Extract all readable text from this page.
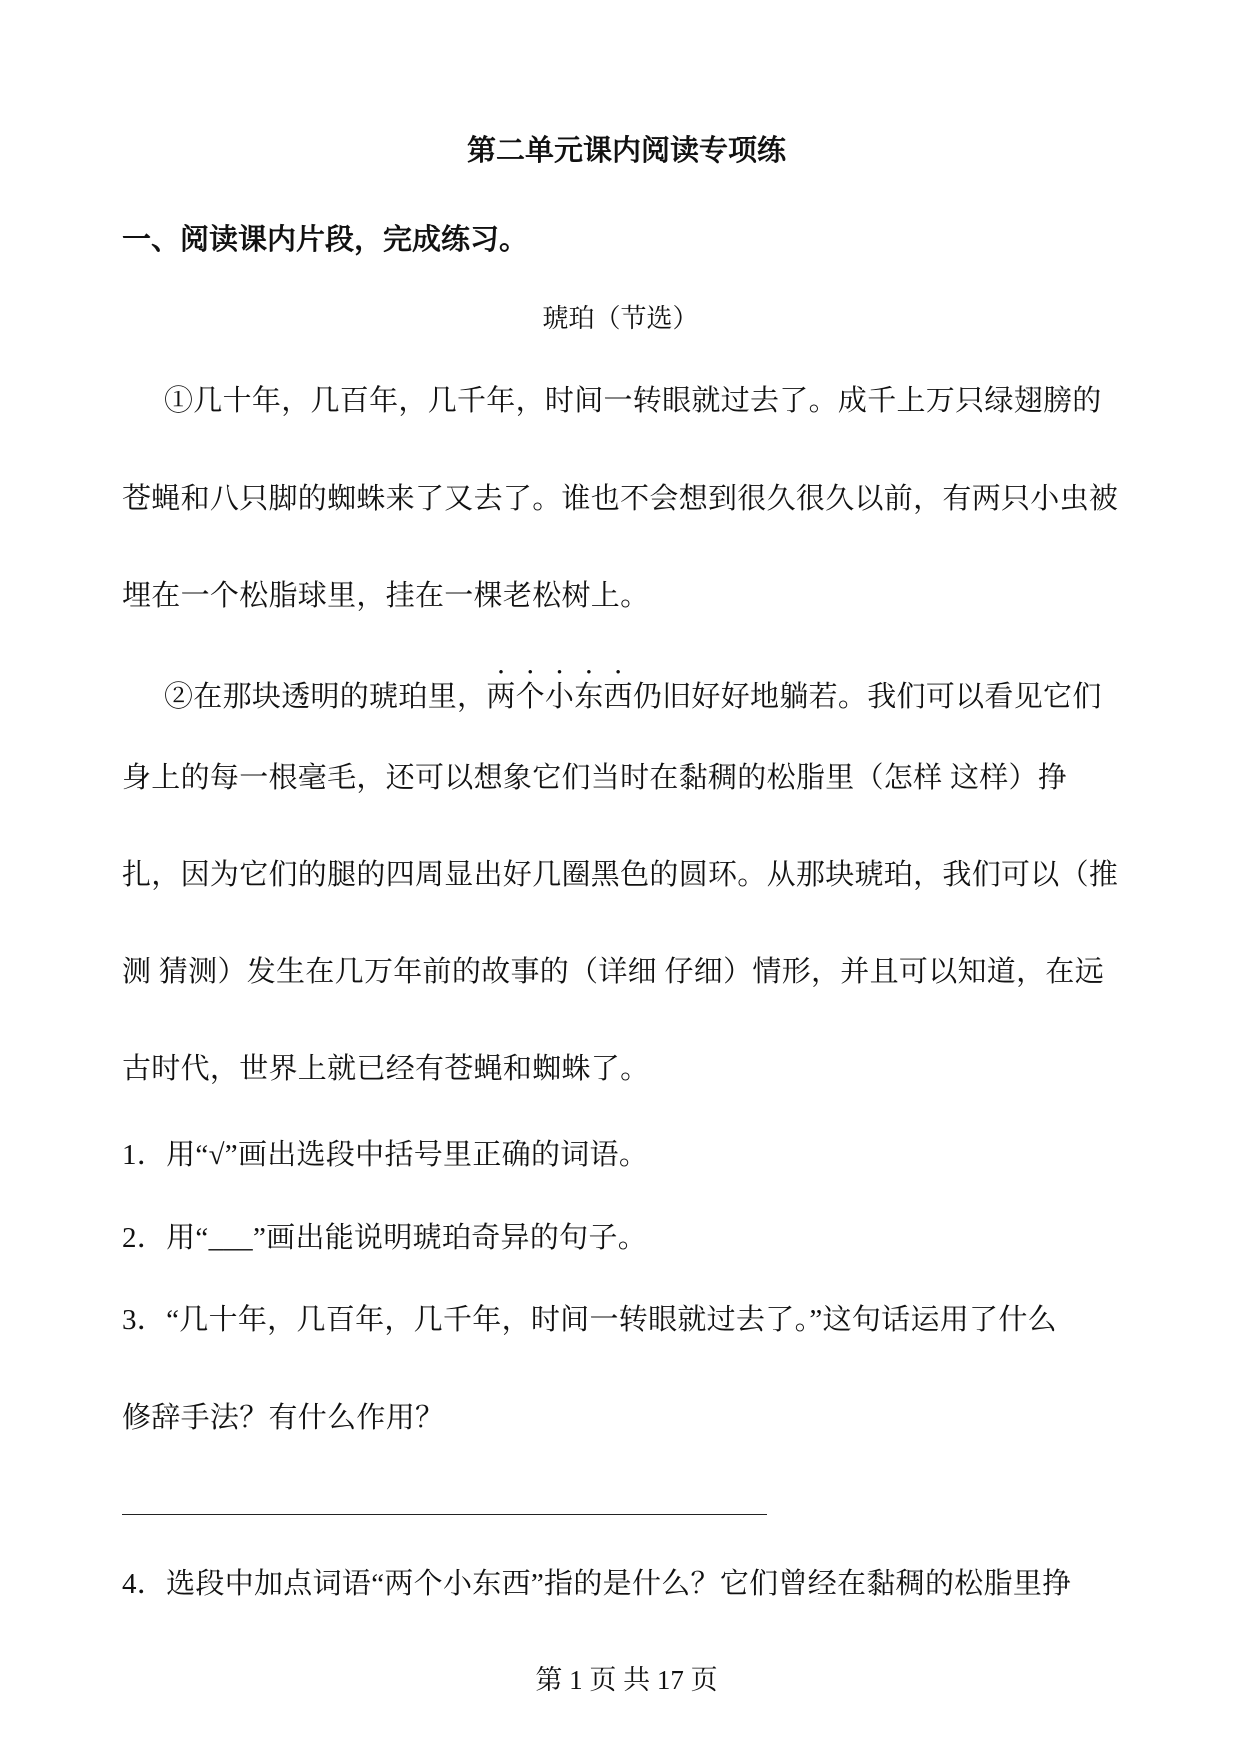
第二单元课内阅读专项练
一、阅读课内片段，完成练习。
琥珀（节选）
①几十年，几百年，几千年，时间一转眼就过去了。成千上万只绿翅膀的
苍蝇和八只脚的蜘蛛来了又去了。谁也不会想到很久很久以前，有两只小虫被
埋在一个松脂球里，挂在一棵老松树上。
②在那块透明的琥珀里，两个小东西仍旧好好地躺若。我们可以看见它们
身上的每一根毫毛，还可以想象它们当时在黏稠的松脂里（怎样 这样）挣
扎，因为它们的腿的四周显出好几圈黑色的圆环。从那块琥珀，我们可以（推
测 猜测）发生在几万年前的故事的（详细 仔细）情形，并且可以知道，在远
古时代，世界上就已经有苍蝇和蜘蛛了。
1．用“√”画出选段中括号里正确的词语。
2．用“___”画出能说明琥珀奇异的句子。
3．“几十年，几百年，几千年，时间一转眼就过去了。”这句话运用了什么
修辞手法？有什么作用？
4．选段中加点词语“两个小东西”指的是什么？它们曾经在黏稠的松脂里挣
第 1 页 共 17 页
